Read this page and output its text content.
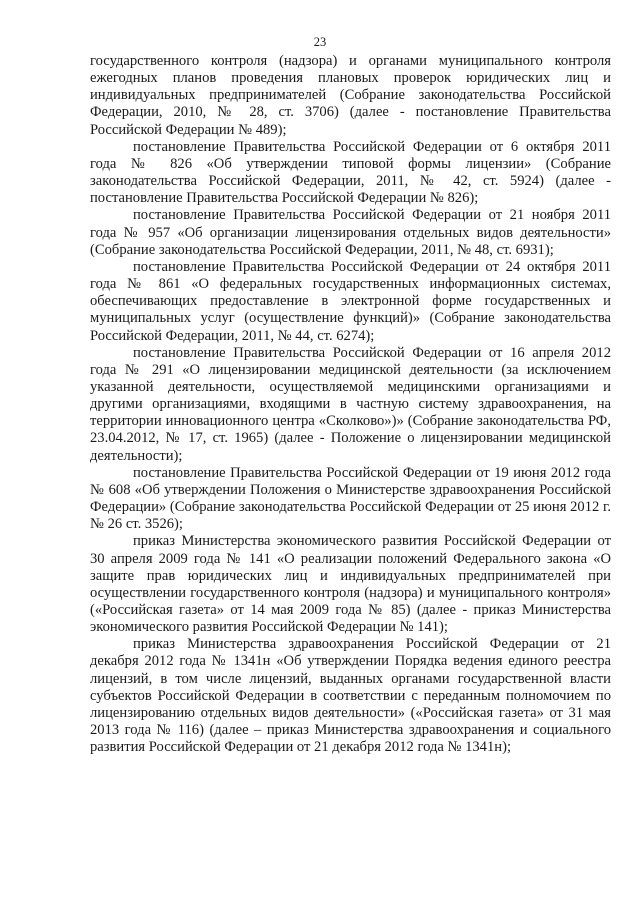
23

государственного контроля (надзора) и органами муниципального контроля ежегодных планов проведения плановых проверок юридических лиц и индивидуальных предпринимателей (Собрание законодательства Российской Федерации, 2010, № 28, ст. 3706) (далее - постановление Правительства Российской Федерации № 489);

постановление Правительства Российской Федерации от 6 октября 2011 года № 826 «Об утверждении типовой формы лицензии» (Собрание законодательства Российской Федерации, 2011, № 42, ст. 5924) (далее - постановление Правительства Российской Федерации № 826);

постановление Правительства Российской Федерации от 21 ноября 2011 года № 957 «Об организации лицензирования отдельных видов деятельности» (Собрание законодательства Российской Федерации, 2011, № 48, ст. 6931);

постановление Правительства Российской Федерации от 24 октября 2011 года № 861 «О федеральных государственных информационных системах, обеспечивающих предоставление в электронной форме государственных и муниципальных услуг (осуществление функций)» (Собрание законодательства Российской Федерации, 2011, № 44, ст. 6274);

постановление Правительства Российской Федерации от 16 апреля 2012 года № 291 «О лицензировании медицинской деятельности (за исключением указанной деятельности, осуществляемой медицинскими организациями и другими организациями, входящими в частную систему здравоохранения, на территории инновационного центра «Сколково»)» (Собрание законодательства РФ, 23.04.2012, № 17, ст. 1965) (далее - Положение о лицензировании медицинской деятельности);

постановление Правительства Российской Федерации от 19 июня 2012 года № 608 «Об утверждении Положения о Министерстве здравоохранения Российской Федерации» (Собрание законодательства Российской Федерации от 25 июня 2012 г. № 26 ст. 3526);

приказ Министерства экономического развития Российской Федерации от 30 апреля 2009 года № 141 «О реализации положений Федерального закона «О защите прав юридических лиц и индивидуальных предпринимателей при осуществлении государственного контроля (надзора) и муниципального контроля» («Российская газета» от 14 мая 2009 года № 85) (далее - приказ Министерства экономического развития Российской Федерации № 141);

приказ Министерства здравоохранения Российской Федерации от 21 декабря 2012 года № 1341н «Об утверждении Порядка ведения единого реестра лицензий, в том числе лицензий, выданных органами государственной власти субъектов Российской Федерации в соответствии с переданным полномочием по лицензированию отдельных видов деятельности» («Российская газета» от 31 мая 2013 года № 116) (далее – приказ Министерства здравоохранения и социального развития Российской Федерации от 21 декабря 2012 года № 1341н);
